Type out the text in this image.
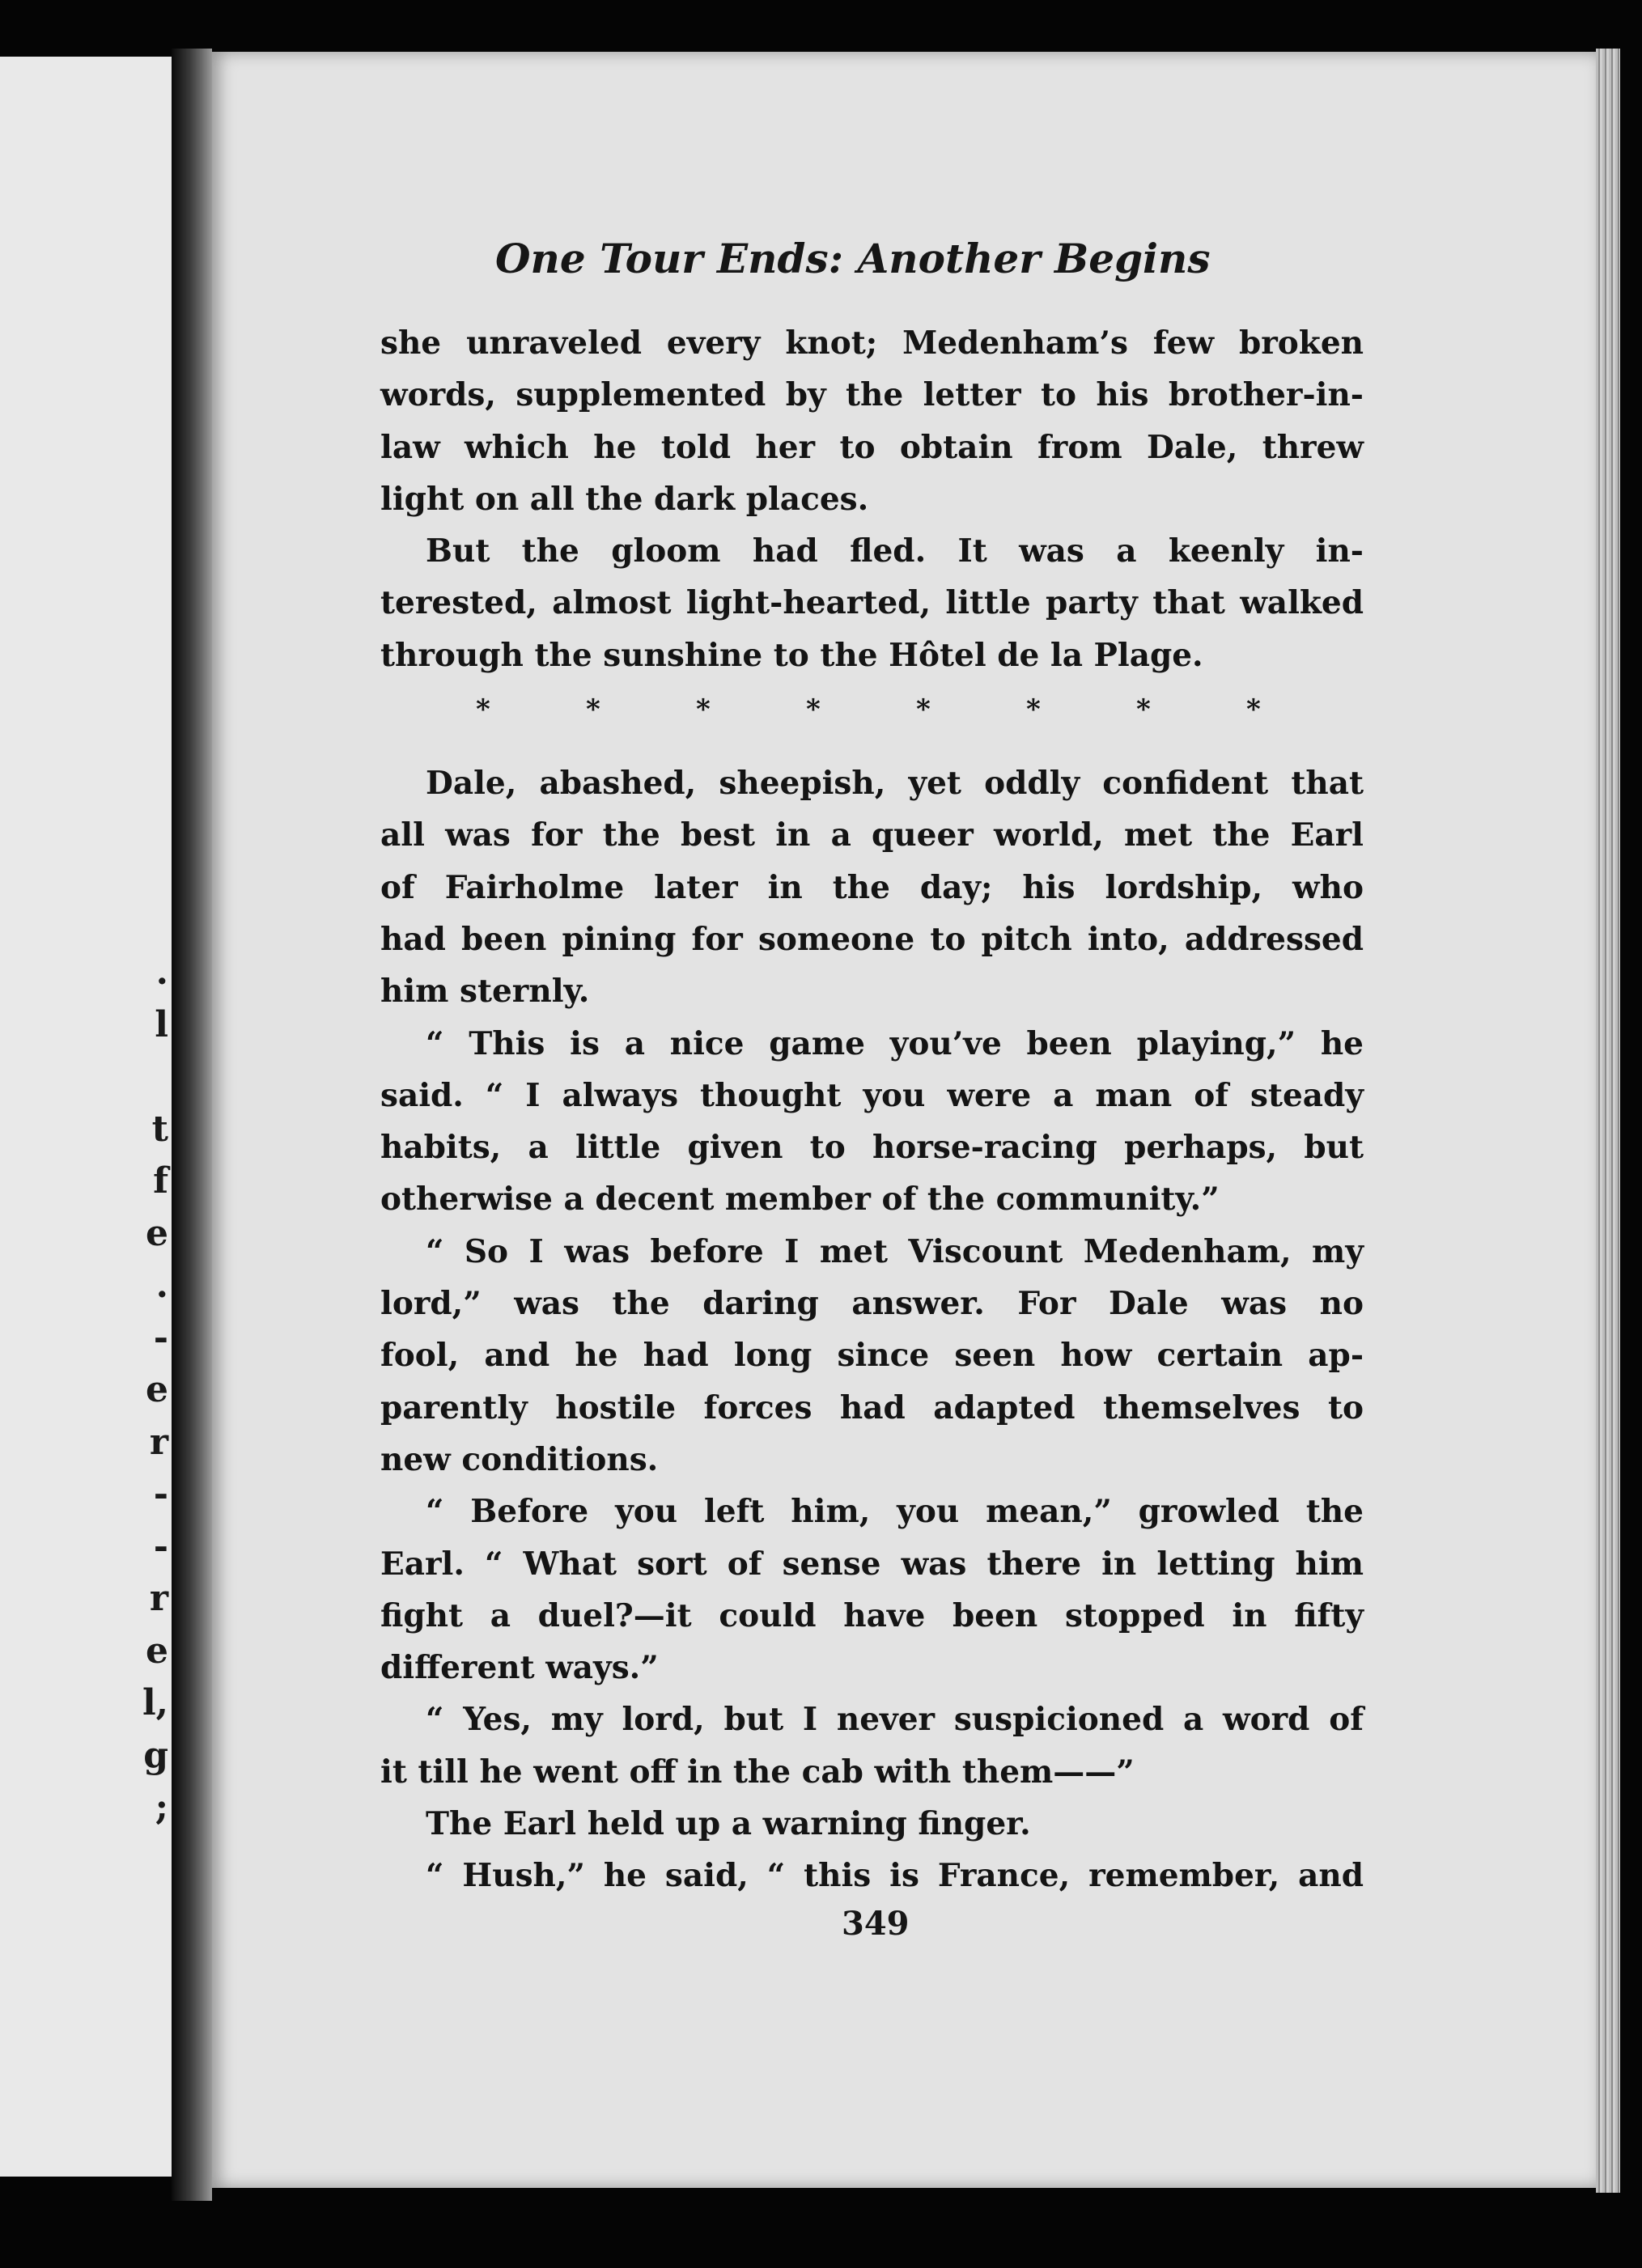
.
l
t
f
e
.
-
e
r
-
-
r
e
l,
g
;
One Tour Ends: Another Begins
she unraveled every knot; Medenham’s few broken
words, supplemented by the letter to his brother-in-
law which he told her to obtain from Dale, threw
light on all the dark places.
But the gloom had fled. It was a keenly in-
terested, almost light-hearted, little party that walked
through the sunshine to the Hôtel de la Plage.
*	*	*	*	*	*	*	*
Dale, abashed, sheepish, yet oddly confident that
all was for the best in a queer world, met the Earl
of Fairholme later in the day; his lordship, who
had been pining for someone to pitch into, addressed
him sternly.
“ This is a nice game you’ve been playing,” he
said. “ I always thought you were a man of steady
habits, a little given to horse-racing perhaps, but
otherwise a decent member of the community.”
“ So I was before I met Viscount Medenham, my
lord,” was the daring answer. For Dale was no
fool, and he had long since seen how certain ap-
parently hostile forces had adapted themselves to
new conditions.
“ Before you left him, you mean,” growled the
Earl. “ What sort of sense was there in letting him
fight a duel?—it could have been stopped in fifty
different ways.”
“ Yes, my lord, but I never suspicioned a word of
it till he went off in the cab with them——”
The Earl held up a warning finger.
“ Hush,” he said, “ this is France, remember, and
349
